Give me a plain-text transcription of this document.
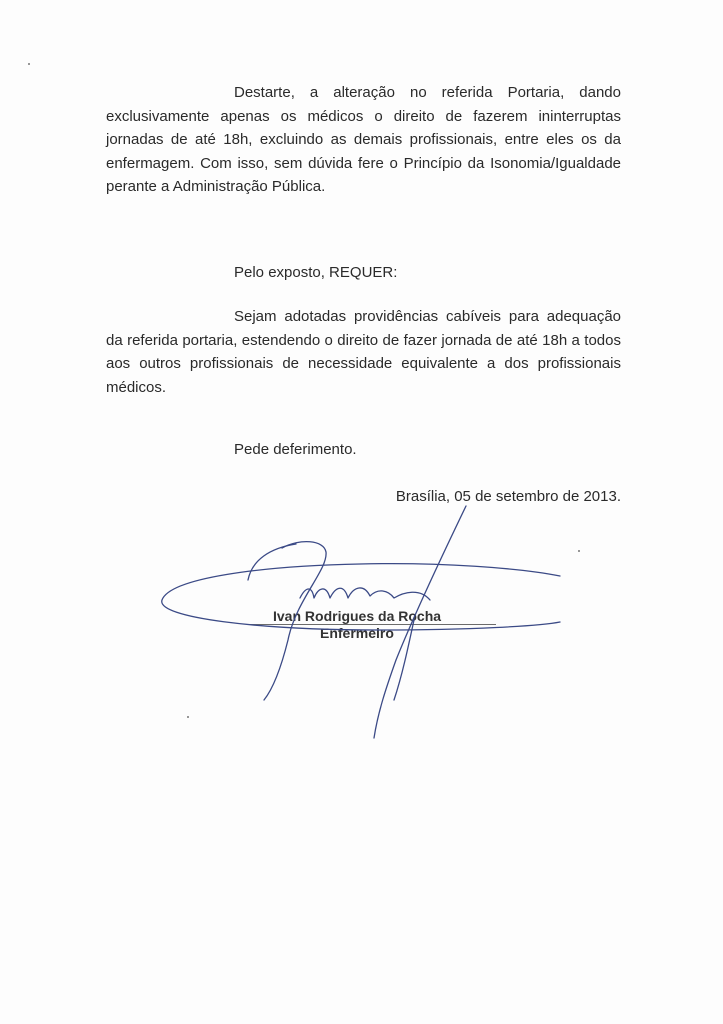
Destarte, a alteração no referida Portaria, dando exclusivamente apenas os médicos o direito de fazerem ininterruptas jornadas de até 18h, excluindo as demais profissionais, entre eles os da enfermagem. Com isso, sem dúvida fere o Princípio da Isonomia/Igualdade perante a Administração Pública.

Pelo exposto, REQUER:

Sejam adotadas providências cabíveis para adequação da referida portaria, estendendo o direito de fazer jornada de até 18h a todos aos outros profissionais de necessidade equivalente a dos profissionais médicos.

Pede deferimento.

Brasília, 05 de setembro de 2013.

Ivan Rodrigues da Rocha

Enfermeiro
